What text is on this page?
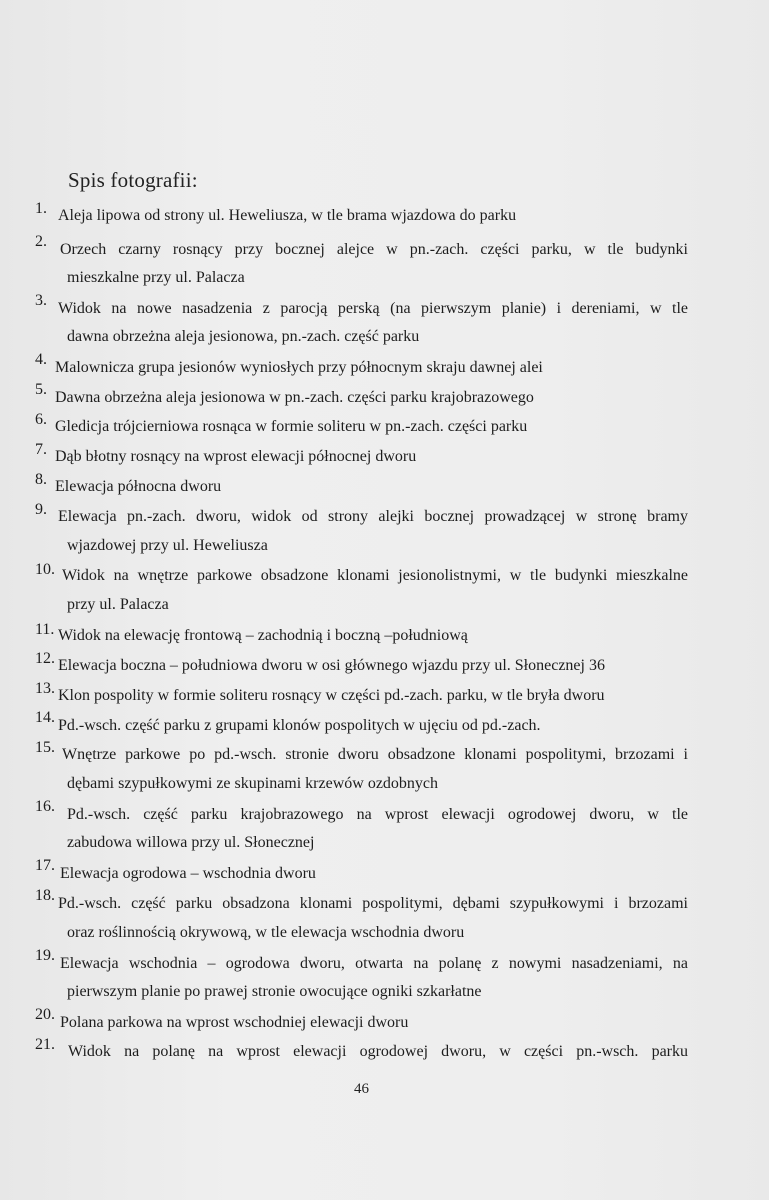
Spis fotografii:
1. Aleja lipowa od strony ul. Heweliusza, w tle brama wjazdowa do parku
2. Orzech czarny rosnący przy bocznej alejce w pn.-zach. części parku, w tle budynki
mieszkalne przy ul. Palacza
3. Widok na nowe nasadzenia z parocją perską (na pierwszym planie) i dereniami, w tle
dawna obrzeżna aleja jesionowa, pn.-zach. część parku
4. Malownicza grupa jesionów wyniosłych przy północnym skraju dawnej alei
5. Dawna obrzeżna aleja jesionowa w pn.-zach. części parku krajobrazowego
6. Gledicja trójcierniowa rosnąca w formie soliteru w pn.-zach. części parku
7. Dąb błotny rosnący na wprost elewacji północnej dworu
8. Elewacja północna dworu
9. Elewacja pn.-zach. dworu, widok od strony alejki bocznej prowadzącej w stronę bramy
wjazdowej przy ul. Heweliusza
10. Widok na wnętrze parkowe obsadzone klonami jesionolistnymi, w tle budynki mieszkalne
przy ul. Palacza
11. Widok na elewację frontową – zachodnią i boczną –południową
12. Elewacja boczna – południowa dworu w osi głównego wjazdu przy ul. Słonecznej 36
13. Klon pospolity w formie soliteru rosnący w części pd.-zach. parku, w tle bryła dworu
14. Pd.-wsch. część parku z grupami klonów pospolitych w ujęciu od pd.-zach.
15. Wnętrze parkowe po pd.-wsch. stronie dworu obsadzone klonami pospolitymi, brzozami i
dębami szypułkowymi ze skupinami krzewów ozdobnych
16. Pd.-wsch. część parku krajobrazowego na wprost elewacji ogrodowej dworu, w tle
zabudowa willowa przy ul. Słonecznej
17. Elewacja ogrodowa – wschodnia dworu
18. Pd.-wsch. część parku obsadzona klonami pospolitymi, dębami szypułkowymi i brzozami
oraz roślinnością okrywową, w tle elewacja wschodnia dworu
19. Elewacja wschodnia – ogrodowa dworu, otwarta na polanę z nowymi nasadzeniami, na
pierwszym planie po prawej stronie owocujące ogniki szkarłatne
20. Polana parkowa na wprost wschodniej elewacji dworu
21. Widok na polanę na wprost elewacji ogrodowej dworu, w części pn.-wsch. parku
46
